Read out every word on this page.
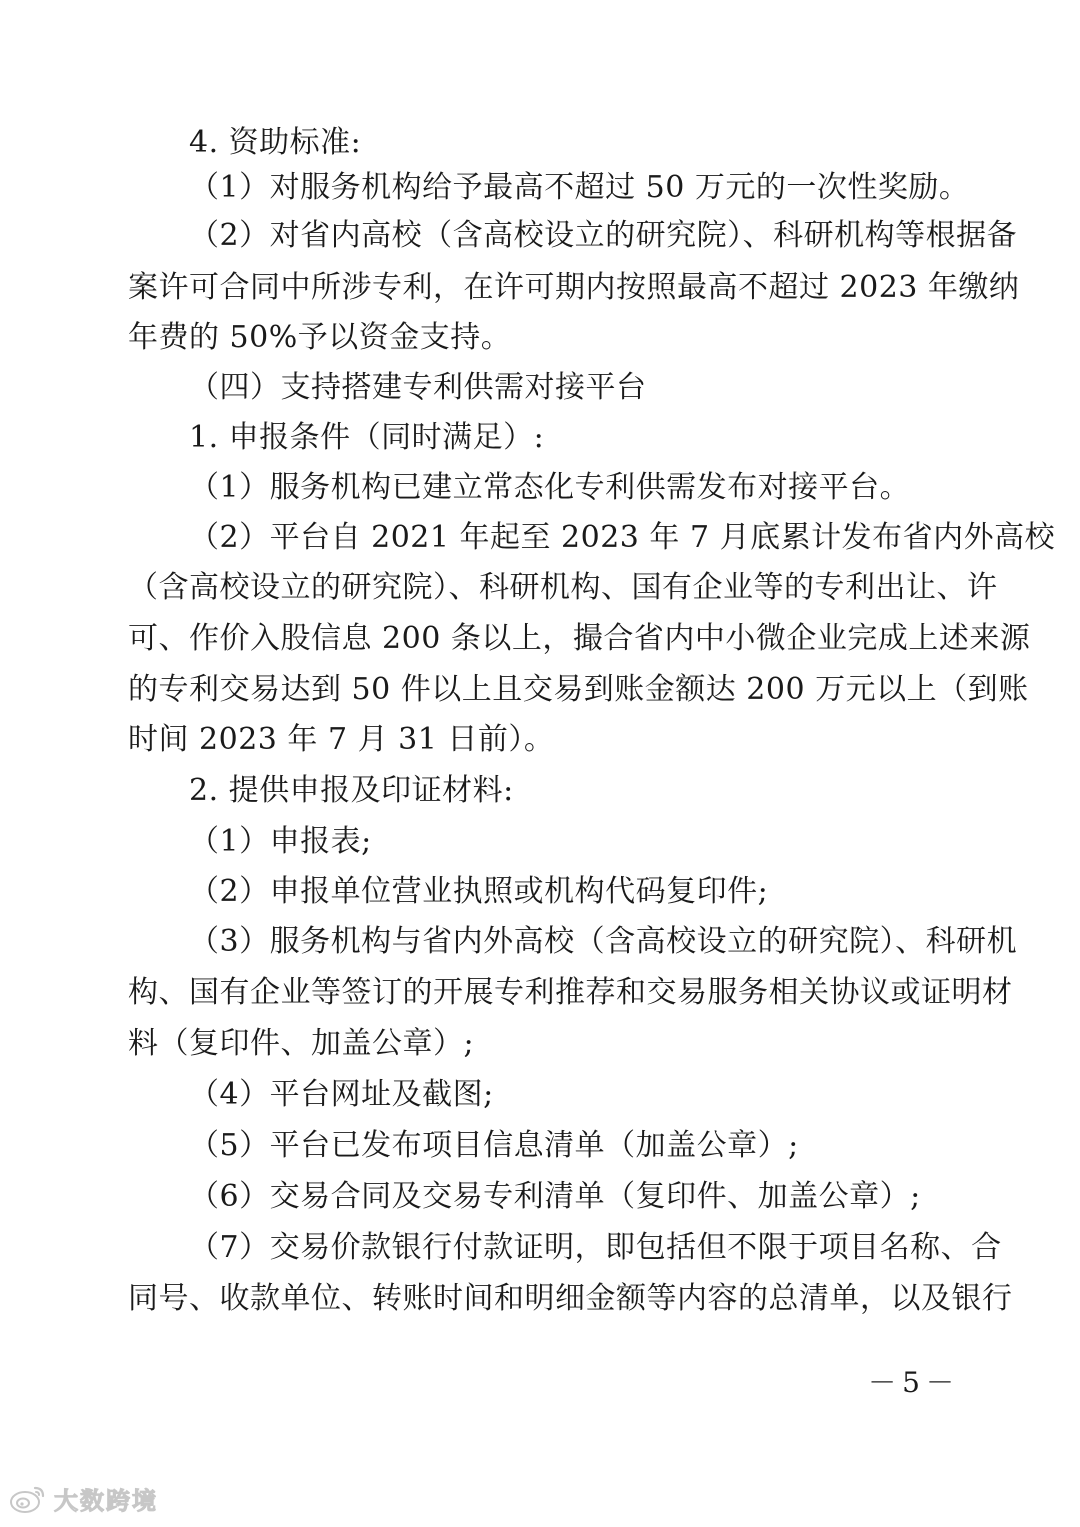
4. 资助标准:
（1）对服务机构给予最高不超过 50 万元的一次性奖励。
（2）对省内高校（含高校设立的研究院）、科研机构等根据备
案许可合同中所涉专利，在许可期内按照最高不超过 2023 年缴纳
年费的 50%予以资金支持。
（四）支持搭建专利供需对接平台
1. 申报条件（同时满足）:
（1）服务机构已建立常态化专利供需发布对接平台。
（2）平台自 2021 年起至 2023 年 7 月底累计发布省内外高校
（含高校设立的研究院）、科研机构、国有企业等的专利出让、许
可、作价入股信息 200 条以上，撮合省内中小微企业完成上述来源
的专利交易达到 50 件以上且交易到账金额达 200 万元以上（到账
时间 2023 年 7 月 31 日前）。
2. 提供申报及印证材料:
（1）申报表;
（2）申报单位营业执照或机构代码复印件;
（3）服务机构与省内外高校（含高校设立的研究院）、科研机
构、国有企业等签订的开展专利推荐和交易服务相关协议或证明材
料（复印件、加盖公章）;
（4）平台网址及截图;
（5）平台已发布项目信息清单（加盖公章）;
（6）交易合同及交易专利清单（复印件、加盖公章）;
（7）交易价款银行付款证明，即包括但不限于项目名称、合
同号、收款单位、转账时间和明细金额等内容的总清单，以及银行
－5－
大数跨境
